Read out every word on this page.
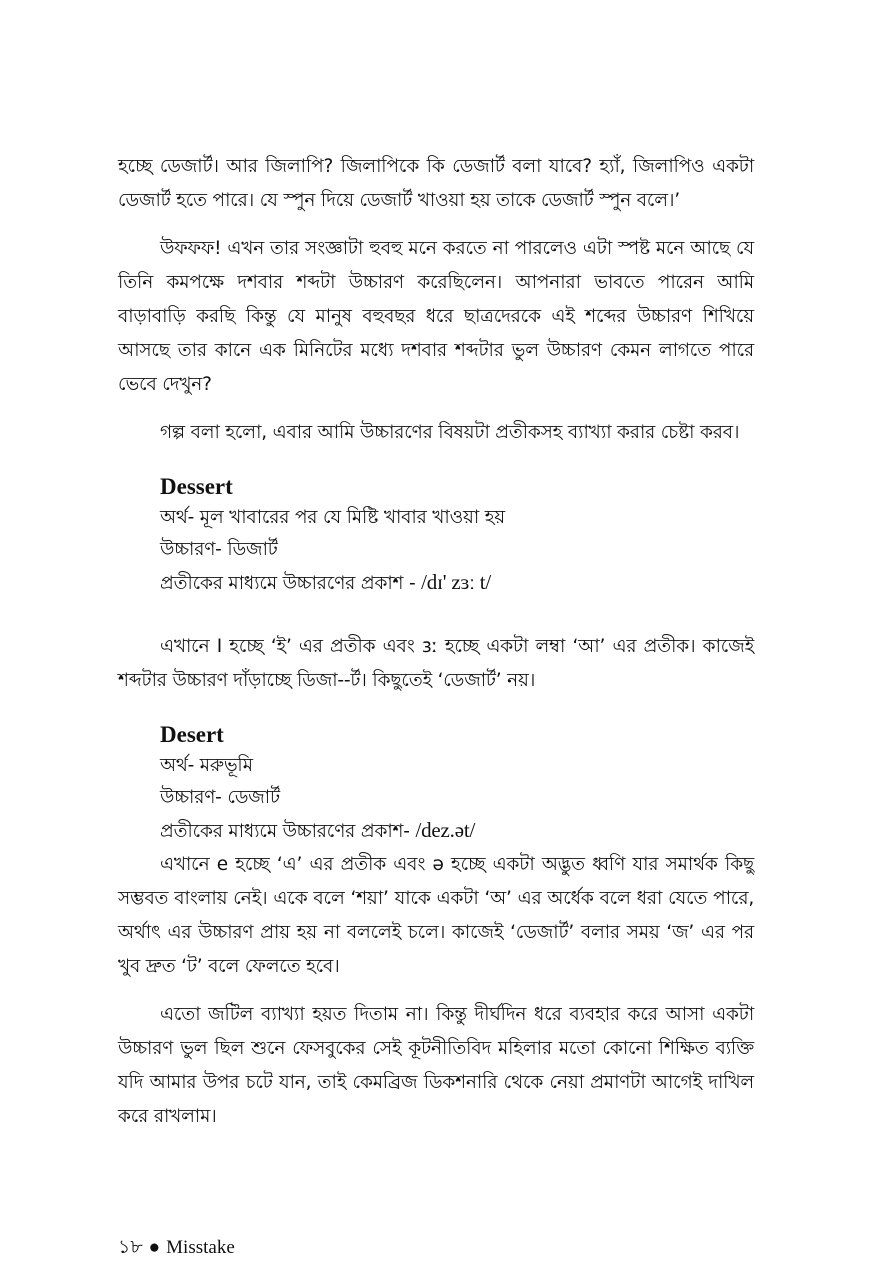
হচ্ছে ডেজার্ট। আর জিলাপি? জিলাপিকে কি ডেজার্ট বলা যাবে? হ্যাঁ, জিলাপিও একটা ডেজার্ট হতে পারে। যে স্পুন দিয়ে ডেজার্ট খাওয়া হয় তাকে ডেজার্ট স্পুন বলে।’

উফফফ! এখন তার সংজ্ঞাটা হুবহু মনে করতে না পারলেও এটা স্পষ্ট মনে আছে যে তিনি কমপক্ষে দশবার শব্দটা উচ্চারণ করেছিলেন। আপনারা ভাবতে পারেন আমি বাড়াবাড়ি করছি কিন্তু যে মানুষ বহুবছর ধরে ছাত্রদেরকে এই শব্দের উচ্চারণ শিখিয়ে আসছে তার কানে এক মিনিটের মধ্যে দশবার শব্দটার ভুল উচ্চারণ কেমন লাগতে পারে ভেবে দেখুন?

গল্প বলা হলো, এবার আমি উচ্চারণের বিষয়টা প্রতীকসহ ব্যাখ্যা করার চেষ্টা করব।

Dessert

অর্থ- মূল খাবারের পর যে মিষ্টি খাবার খাওয়া হয়

উচ্চারণ- ডিজার্ট

প্রতীকের মাধ্যমে উচ্চারণের প্রকাশ - /dɪ' zɜː t/

এখানে I হচ্ছে ‘ই’ এর প্রতীক এবং ɜː হচ্ছে একটা লম্বা ‘আ’ এর প্রতীক। কাজেই শব্দটার উচ্চারণ দাঁড়াচ্ছে ডিজা--র্ট। কিছুতেই ‘ডেজার্ট’ নয়।

Desert

অর্থ- মরুভূমি

উচ্চারণ- ডেজার্ট

প্রতীকের মাধ্যমে উচ্চারণের প্রকাশ- /dez.ət/

এখানে e হচ্ছে ‘এ’ এর প্রতীক এবং ə হচ্ছে একটা অদ্ভুত ধ্বণি যার সমার্থক কিছু সম্ভবত বাংলায় নেই। একে বলে ‘শয়া’ যাকে একটা ‘অ’ এর অর্ধেক বলে ধরা যেতে পারে, অর্থাৎ এর উচ্চারণ প্রায় হয় না বললেই চলে। কাজেই ‘ডেজার্ট’ বলার সময় ‘জ’ এর পর খুব দ্রুত ‘ট’ বলে ফেলতে হবে।

এতো জটিল ব্যাখ্যা হয়ত দিতাম না। কিন্তু দীর্ঘদিন ধরে ব্যবহার করে আসা একটা উচ্চারণ ভুল ছিল শুনে ফেসবুকের সেই কূটনীতিবিদ মহিলার মতো কোনো শিক্ষিত ব্যক্তি যদি আমার উপর চটে যান, তাই কেমব্রিজ ডিকশনারি থেকে নেয়া প্রমাণটা আগেই দাখিল করে রাখলাম।

১৮ ● Misstake
